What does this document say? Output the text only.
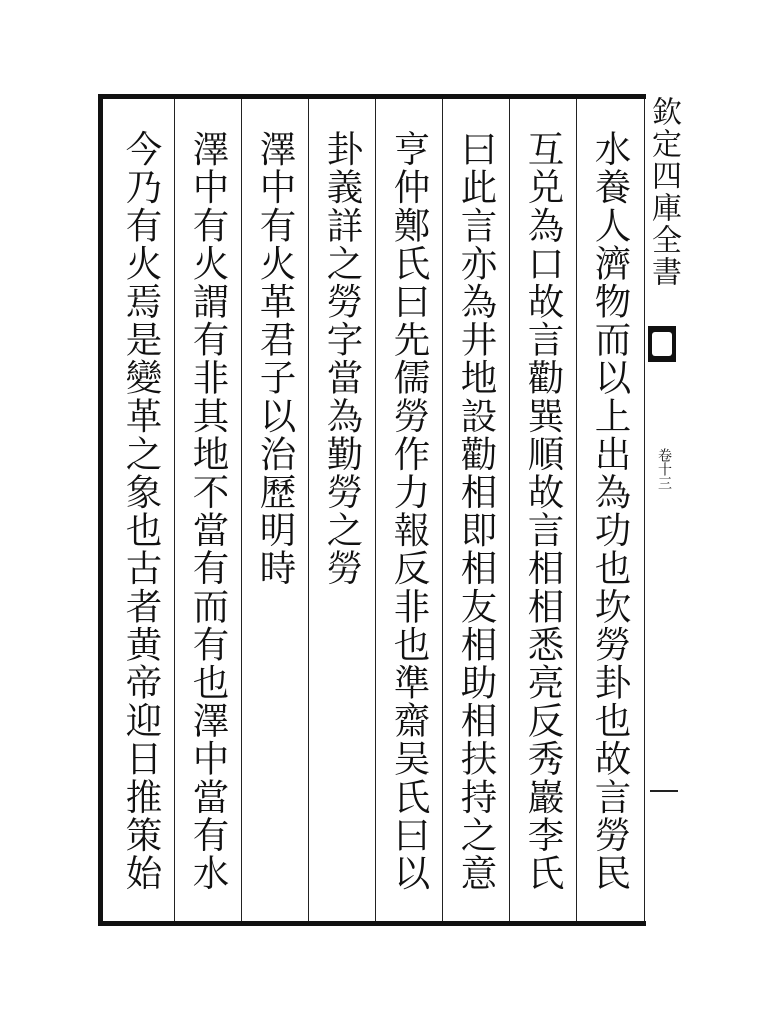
水養人濟物而以上出為功也坎勞卦也故言勞民
互兑為口故言勸巽順故言相相悉亮反秀巖李氏
曰此言亦為井地設勸相即相友相助相扶持之意
亨仲鄭氏曰先儒勞作力報反非也準齋吴氏曰以
卦義詳之勞字當為勤勞之勞
澤中有火革君子以治歷明時
澤中有火謂有非其地不當有而有也澤中當有水
今乃有火焉是變革之象也古者黄帝迎日推策始	欽定四庫全書
卷十三
